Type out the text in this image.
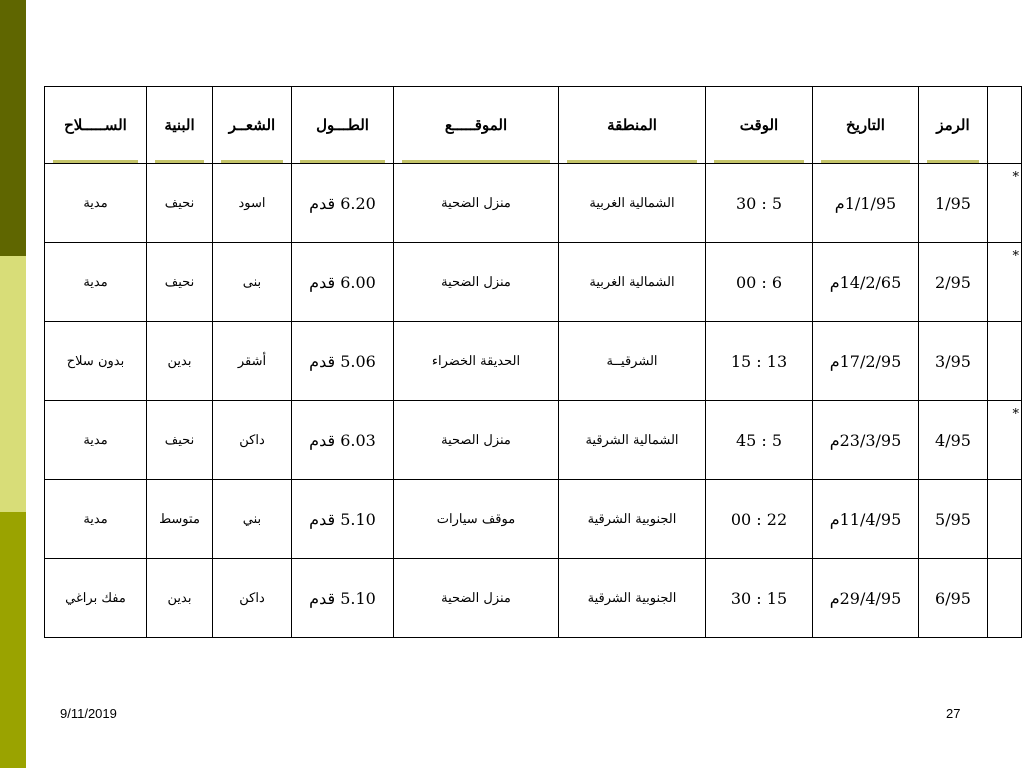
	الرمز	التاريخ	الوقت	المنطقة	الموقـــــع	الطـــول	الشعــر	البنية	الســـــلاح

*	1/95	1/1/95م	5 : 30	الشمالية الغربية	منزل الضحية	6.20 قدم	اسود	نحيف	مدية
*	2/95	14/2/65م	6 : 00	الشمالية الغربية	منزل الضحية	6.00 قدم	بنى	نحيف	مدية
	3/95	17/2/95م	13 : 15	الشرقيــة	الحديقة الخضراء	5.06 قدم	أشقر	بدين	بدون سلاح
*	4/95	23/3/95م	5 : 45	الشمالية الشرقية	منزل الصحية	6.03 قدم	داكن	نحيف	مدية
	5/95	11/4/95م	22 : 00	الجنوبية الشرقية	موقف سيارات	5.10 قدم	بني	متوسط	مدية
	6/95	29/4/95م	15 : 30	الجنوبية الشرقية	منزل الضحية	5.10 قدم	داكن	بدين	مفك براغي
9/11/2019	27
